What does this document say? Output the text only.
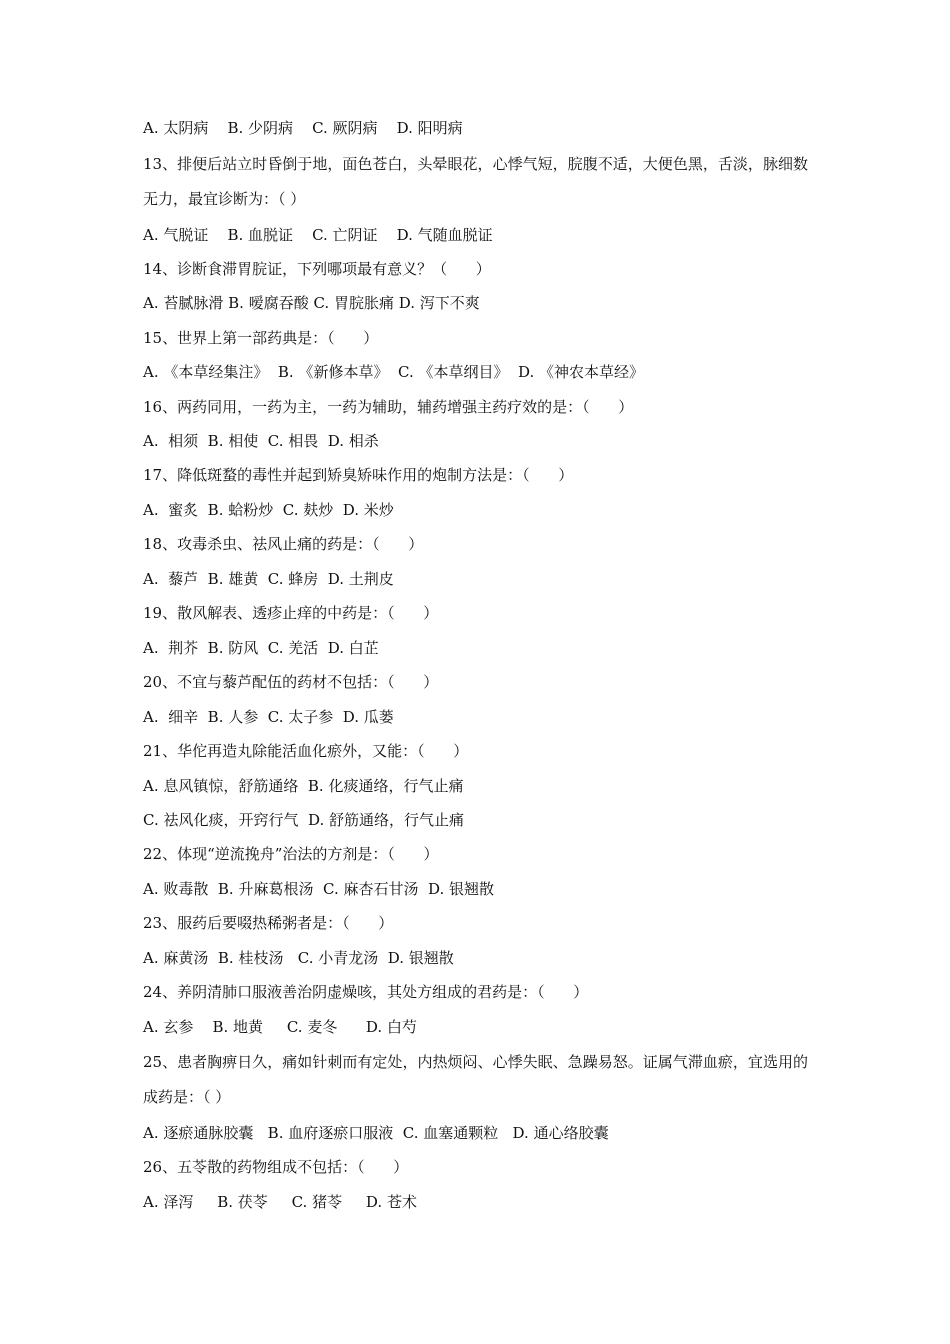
A. 太阴病    B. 少阴病    C. 厥阴病    D. 阳明病
13、排便后站立时昏倒于地，面色苍白，头晕眼花，心悸气短，脘腹不适，大便色黑，舌淡，脉细数无力，最宜诊断为：（ ）
A. 气脱证    B. 血脱证    C. 亡阴证    D. 气随血脱证
14、诊断食滞胃脘证，下列哪项最有意义？（      ）
A. 苔腻脉滑 B. 嗳腐吞酸 C. 胃脘胀痛 D. 泻下不爽
15、世界上第一部药典是：（      ）
A. 《本草经集注》  B. 《新修本草》  C. 《本草纲目》  D. 《神农本草经》
16、两药同用，一药为主，一药为辅助，辅药增强主药疗效的是：（      ）
A.  相须  B. 相使  C. 相畏  D. 相杀
17、降低斑蝥的毒性并起到矫臭矫味作用的炮制方法是：（      ）
A.  蜜炙  B. 蛤粉炒  C. 麸炒  D. 米炒
18、攻毒杀虫、祛风止痛的药是：（      ）
A.  藜芦  B. 雄黄  C. 蜂房  D. 土荆皮
19、散风解表、透疹止痒的中药是：（      ）
A.  荆芥  B. 防风  C. 羌活  D. 白芷
20、不宜与藜芦配伍的药材不包括：（      ）
A.  细辛  B. 人参  C. 太子参  D. 瓜蒌
21、华佗再造丸除能活血化瘀外，又能：（      ）
A. 息风镇惊，舒筋通络  B. 化痰通络，行气止痛
C. 祛风化痰，开窍行气  D. 舒筋通络，行气止痛
22、体现“逆流挽舟”治法的方剂是：（      ）
A. 败毒散  B. 升麻葛根汤  C. 麻杏石甘汤  D. 银翘散
23、服药后要啜热稀粥者是：（      ）
A. 麻黄汤  B. 桂枝汤   C. 小青龙汤  D. 银翘散
24、养阴清肺口服液善治阴虚燥咳，其处方组成的君药是：（      ）
A. 玄参    B. 地黄     C. 麦冬      D. 白芍
25、患者胸痹日久，痛如针刺而有定处，内热烦闷、心悸失眠、急躁易怒。证属气滞血瘀，宜选用的成药是：（ ）
A. 逐瘀通脉胶囊   B. 血府逐瘀口服液  C. 血塞通颗粒   D. 通心络胶囊
26、五苓散的药物组成不包括：（      ）
A. 泽泻     B. 茯苓     C. 猪苓     D. 苍术
